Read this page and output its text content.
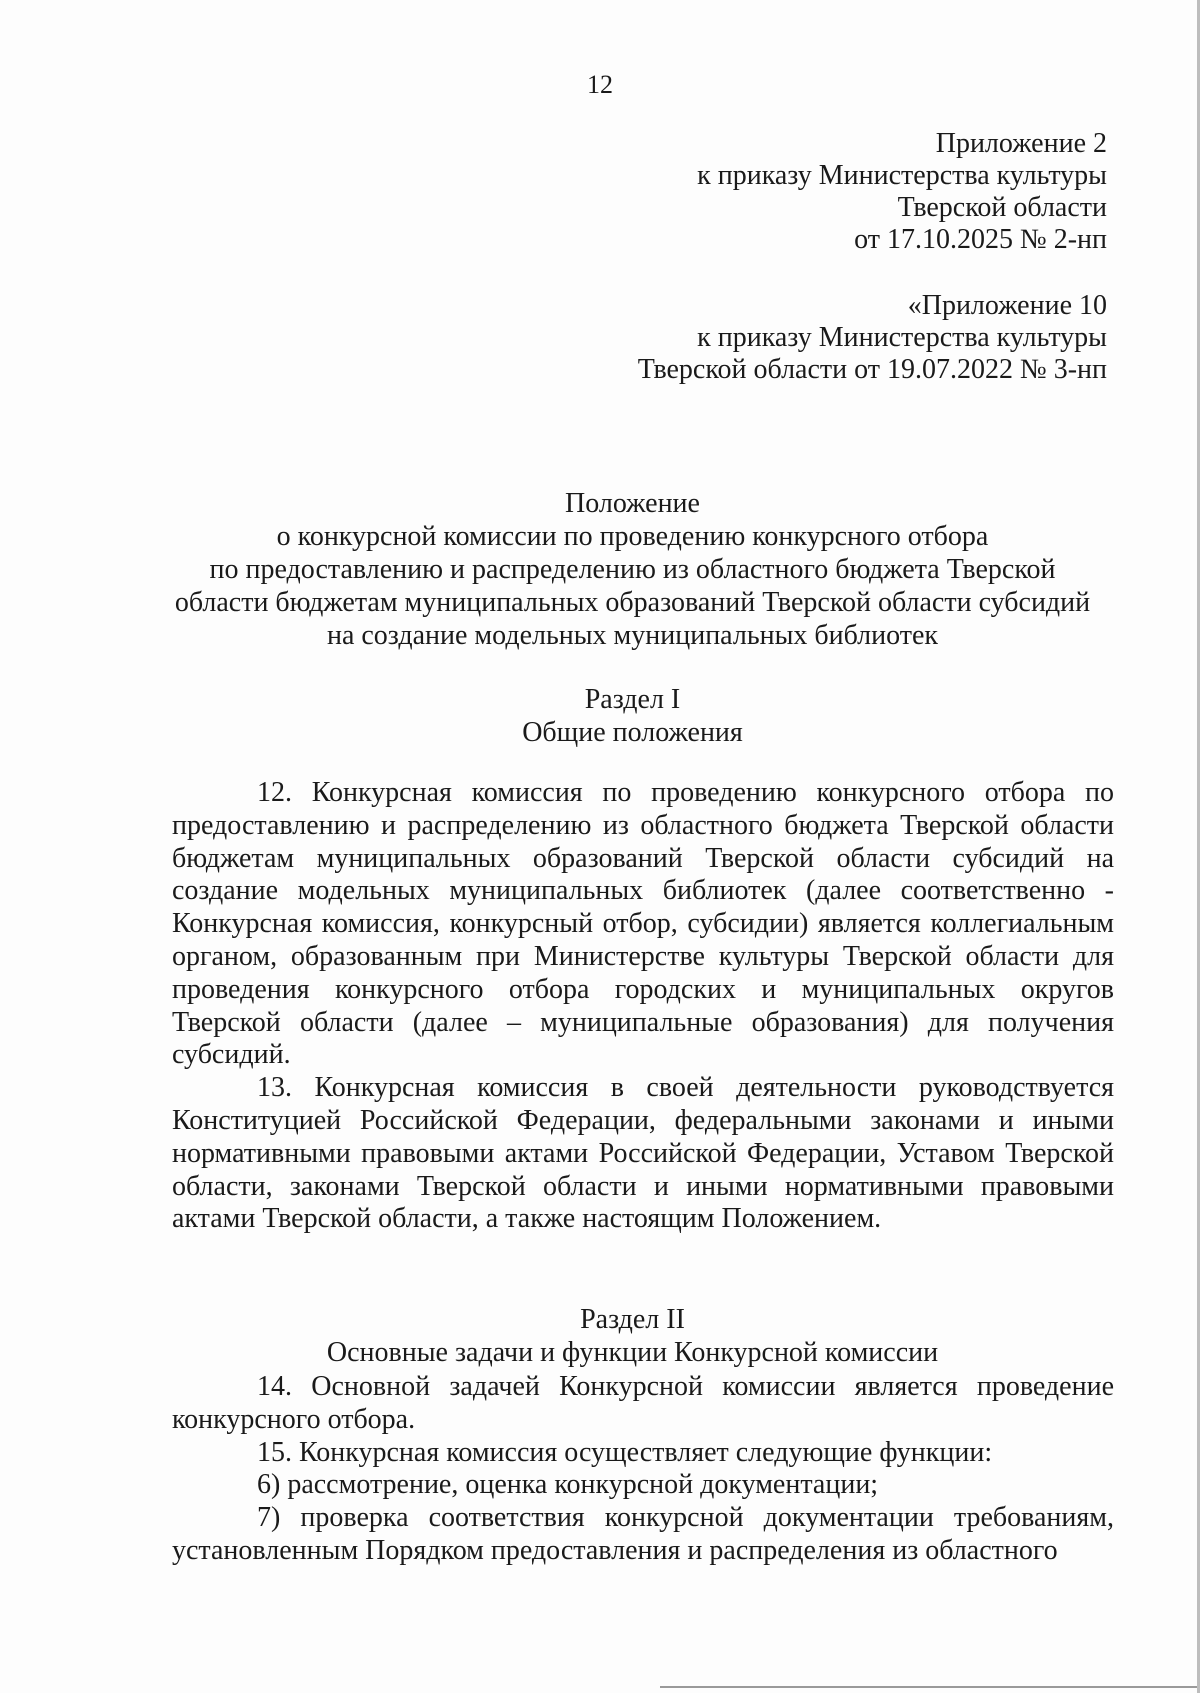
12
Приложение 2
к приказу Министерства культуры
Тверской области
от 17.10.2025 № 2-нп
«Приложение 10
к приказу Министерства культуры
Тверской области от 19.07.2022 № 3-нп
Положение
о конкурсной комиссии по проведению конкурсного отбора
по предоставлению и распределению из областного бюджета Тверской
области бюджетам муниципальных образований Тверской области субсидий
на создание модельных муниципальных библиотек
Раздел I
Общие положения

12. Конкурсная комиссия по проведению конкурсного отбора по предоставлению и распределению из областного бюджета Тверской области бюджетам муниципальных образований Тверской области субсидий на создание модельных муниципальных библиотек (далее соответственно - Конкурсная комиссия, конкурсный отбор, субсидии) является коллегиальным органом, образованным при Министерстве культуры Тверской области для проведения конкурсного отбора городских и муниципальных округов Тверской области (далее – муниципальные образования) для получения субсидий.

13. Конкурсная комиссия в своей деятельности руководствуется Конституцией Российской Федерации, федеральными законами и иными нормативными правовыми актами Российской Федерации, Уставом Тверской области, законами Тверской области и иными нормативными правовыми актами Тверской области, а также настоящим Положением.

Раздел II
Основные задачи и функции Конкурсной комиссии

14. Основной задачей Конкурсной комиссии является проведение конкурсного отбора.

15. Конкурсная комиссия осуществляет следующие функции:

6) рассмотрение, оценка конкурсной документации;

7) проверка соответствия конкурсной документации требованиям, установленным Порядком предоставления и распределения из областного
